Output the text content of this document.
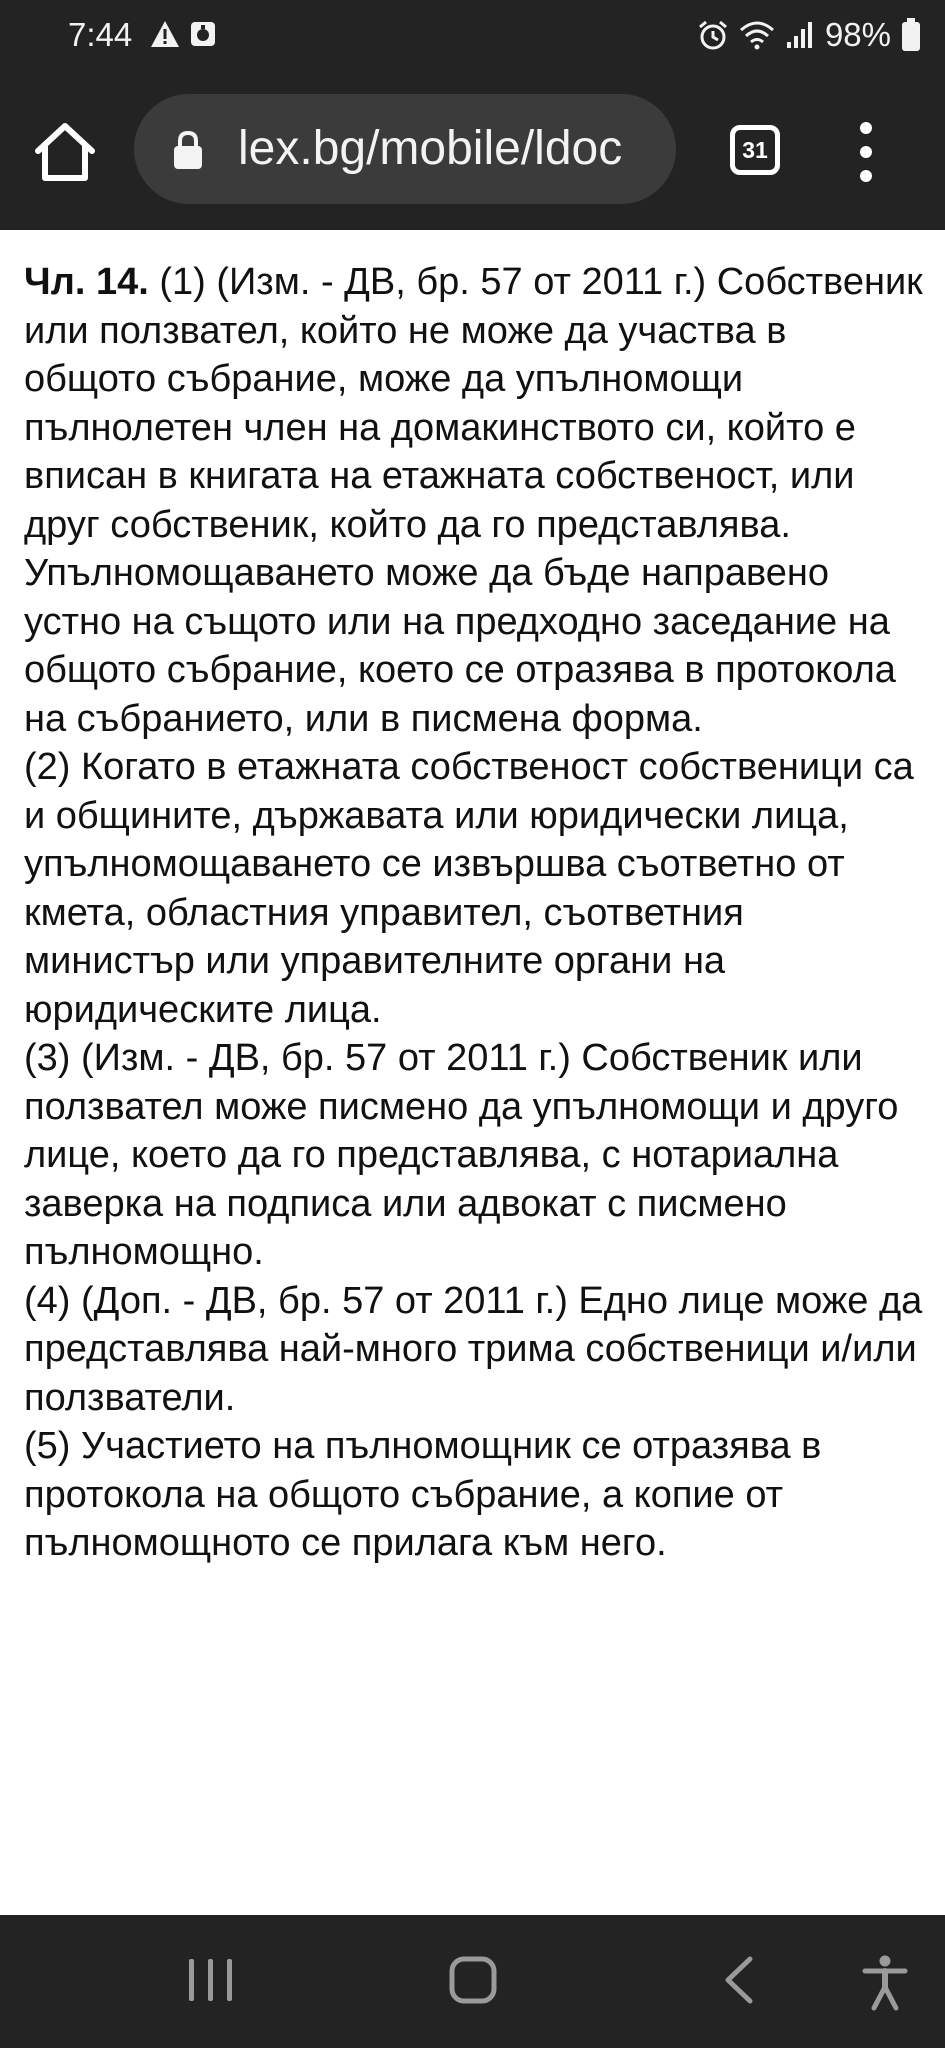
7:44	98%
lex.bg/mobile/ldoc	31

Чл. 14. (1) (Изм. - ДВ, бр. 57 от 2011 г.) Собственик или ползвател, който не може да участва в общото събрание, може да упълномощи пълнолетен член на домакинството си, който е вписан в книгата на етажната собственост, или друг собственик, който да го представлява. Упълномощаването може да бъде направено устно на същото или на предходно заседание на общото събрание, което се отразява в протокола на събранието, или в писмена форма.

(2) Когато в етажната собственост собственици са и общините, държавата или юридически лица, упълномощаването се извършва съответно от кмета, областния управител, съответния министър или управителните органи на юридическите лица.

(3) (Изм. - ДВ, бр. 57 от 2011 г.) Собственик или ползвател може писмено да упълномощи и друго лице, което да го представлява, с нотариална заверка на подписа или адвокат с писмено пълномощно.

(4) (Доп. - ДВ, бр. 57 от 2011 г.) Едно лице може да представлява най-много трима собственици и/или ползватели.

(5) Участието на пълномощник се отразява в протокола на общото събрание, а копие от пълномощното се прилага към него.
